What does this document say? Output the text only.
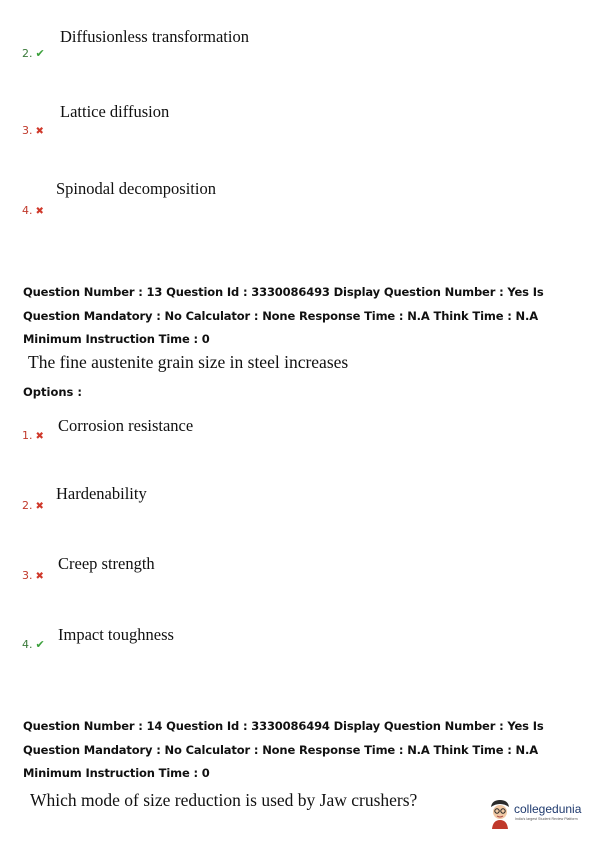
Diffusionless transformation
2. ✔
Lattice diffusion
3. ✖
Spinodal decomposition
4. ✖
Question Number : 13 Question Id : 3330086493 Display Question Number : Yes Is Question Mandatory : No Calculator : None Response Time : N.A Think Time : N.A Minimum Instruction Time : 0
The fine austenite grain size in steel increases
Options :
Corrosion resistance
1. ✖
Hardenability
2. ✖
Creep strength
3. ✖
Impact toughness
4. ✔
Question Number : 14 Question Id : 3330086494 Display Question Number : Yes Is Question Mandatory : No Calculator : None Response Time : N.A Think Time : N.A Minimum Instruction Time : 0
Which mode of size reduction is used by Jaw crushers?	collegedunia
India's largest Student Review Platform
